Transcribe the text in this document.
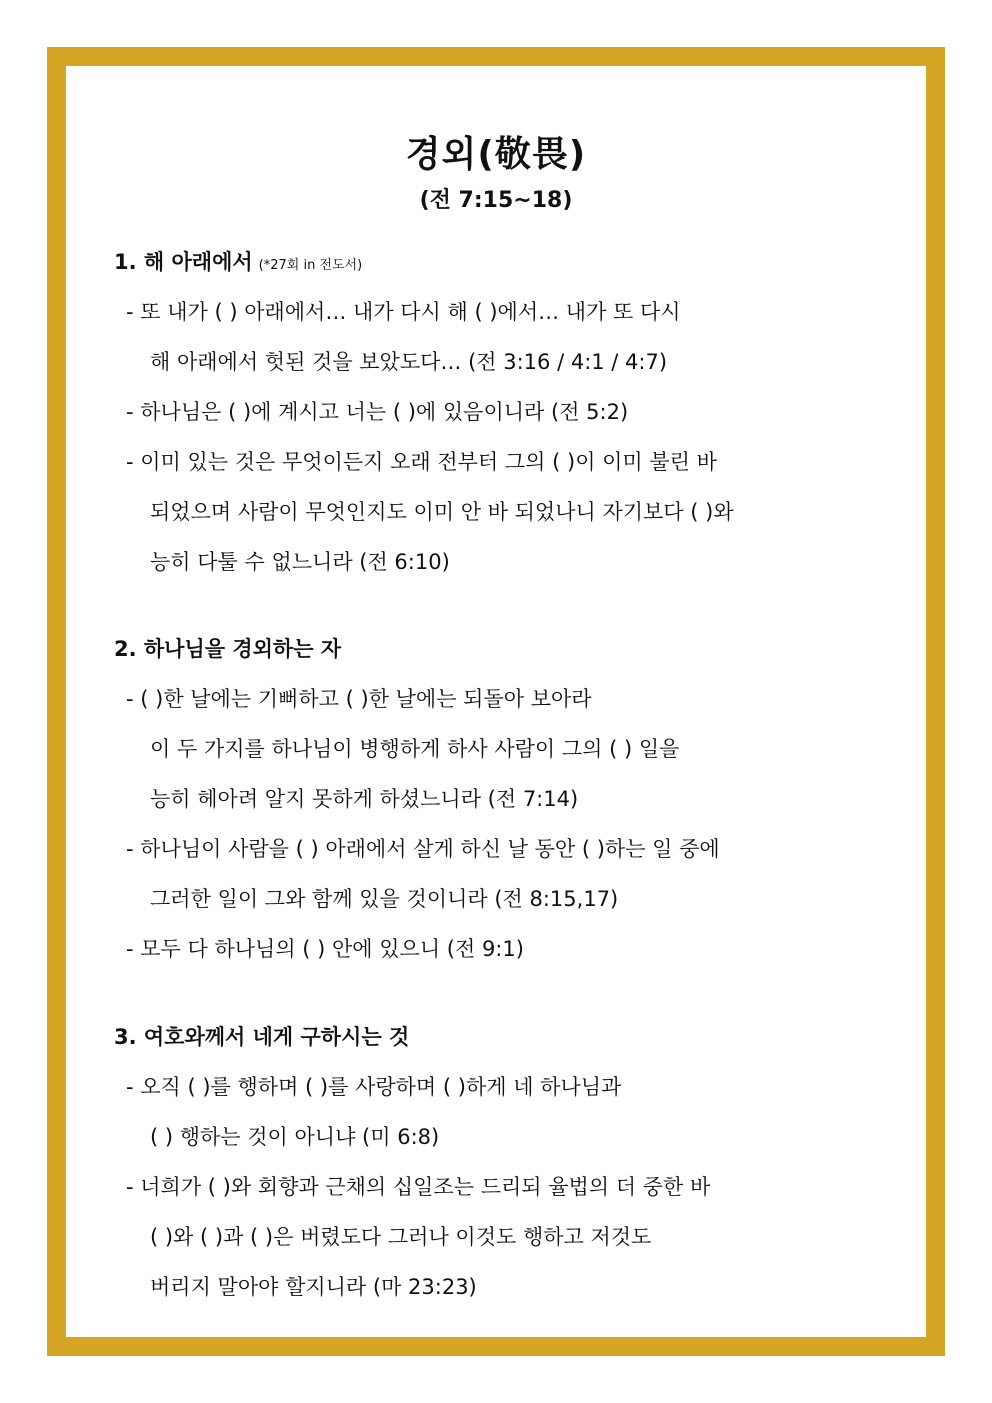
경외(敬畏)
(전 7:15~18)
1. 해 아래에서 (*27회 in 전도서)
- 또 내가 ( ) 아래에서… 내가 다시 해 ( )에서… 내가 또 다시
해 아래에서 헛된 것을 보았도다… (전 3:16 / 4:1 / 4:7)
- 하나님은 ( )에 계시고 너는 ( )에 있음이니라 (전 5:2)
- 이미 있는 것은 무엇이든지 오래 전부터 그의 ( )이 이미 불린 바
되었으며 사람이 무엇인지도 이미 안 바 되었나니 자기보다 ( )와
능히 다툴 수 없느니라 (전 6:10)
2. 하나님을 경외하는 자
- ( )한 날에는 기뻐하고 ( )한 날에는 되돌아 보아라
이 두 가지를 하나님이 병행하게 하사 사람이 그의 ( ) 일을
능히 헤아려 알지 못하게 하셨느니라 (전 7:14)
- 하나님이 사람을 ( ) 아래에서 살게 하신 날 동안 ( )하는 일 중에
그러한 일이 그와 함께 있을 것이니라 (전 8:15,17)
- 모두 다 하나님의 ( ) 안에 있으니 (전 9:1)
3. 여호와께서 네게 구하시는 것
- 오직 ( )를 행하며 ( )를 사랑하며 ( )하게 네 하나님과
( ) 행하는 것이 아니냐 (미 6:8)
- 너희가 ( )와 회향과 근채의 십일조는 드리되 율법의 더 중한 바
( )와 ( )과 ( )은 버렸도다 그러나 이것도 행하고 저것도
버리지 말아야 할지니라 (마 23:23)
